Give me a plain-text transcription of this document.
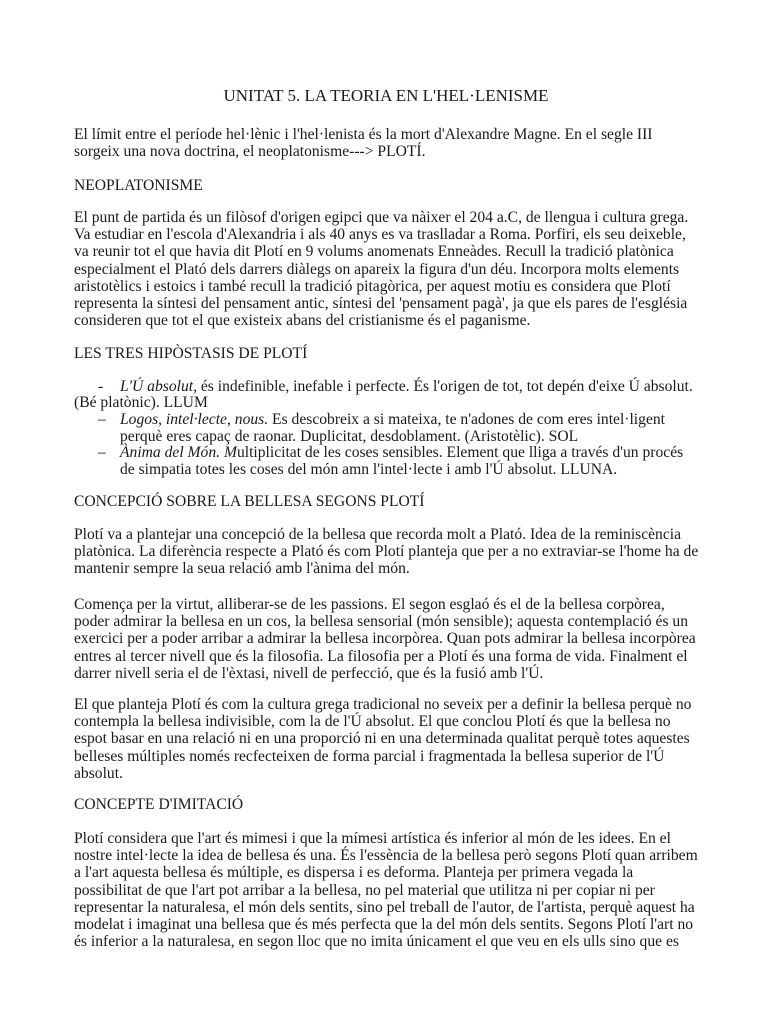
UNITAT 5. LA TEORIA EN L'HEL·LENISME
El límit entre el període hel·lènic i l'hel·lenista és la mort d'Alexandre Magne. En el segle III
sorgeix una nova doctrina, el neoplatonisme---> PLOTÍ.
NEOPLATONISME
El punt de partida és un filòsof d'origen egipci que va nàixer el 204 a.C, de llengua i cultura grega.
Va estudiar en l'escola d'Alexandria i als 40 anys es va traslladar a Roma. Porfiri, els seu deixeble,
va reunir tot el que havia dit Plotí en 9 volums anomenats Enneàdes. Recull la tradició platònica
especialment el Plató dels darrers diàlegs on apareix la figura d'un déu. Incorpora molts elements
aristotèlics i estoics i també recull la tradició pitagòrica, per aquest motiu es considera que Plotí
representa la síntesi del pensament antic, síntesi del 'pensament pagà', ja que els pares de l'església
consideren que tot el que existeix abans del cristianisme és el paganisme.
LES TRES HIPÒSTASIS DE PLOTÍ
- L'Ú absolut, és indefinible, inefable i perfecte. És l'origen de tot, tot depén d'eixe Ú absolut.
(Bé platònic). LLUM
– Logos, intel·lecte, nous. Es descobreix a si mateixa, te n'adones de com eres intel·ligent
perquè eres capaç de raonar. Duplicitat, desdoblament. (Aristotèlic). SOL
– Ànima del Món. Multiplicitat de les coses sensibles. Element que lliga a través d'un procés
de simpatia totes les coses del món amn l'intel·lecte i amb l'Ú absolut. LLUNA.
CONCEPCIÓ SOBRE LA BELLESA SEGONS PLOTÍ
Plotí va a plantejar una concepció de la bellesa que recorda molt a Plató. Idea de la reminiscència
platònica. La diferència respecte a Plató és com Plotí planteja que per a no extraviar-se l'home ha de
mantenir sempre la seua relació amb l'ànima del món.
Comença per la virtut, alliberar-se de les passions. El segon esglaó és el de la bellesa corpòrea,
poder admirar la bellesa en un cos, la bellesa sensorial (món sensible); aquesta contemplació és un
exercici per a poder arribar a admirar la bellesa incorpòrea. Quan pots admirar la bellesa incorpòrea
entres al tercer nivell que és la filosofia. La filosofia per a Plotí és una forma de vida. Finalment el
darrer nivell seria el de l'èxtasi, nivell de perfecció, que és la fusió amb l'Ú.
El que planteja Plotí és com la cultura grega tradicional no seveix per a definir la bellesa perquè no
contempla la bellesa indivisible, com la de l'Ú absolut. El que conclou Plotí és que la bellesa no
espot basar en una relació ni en una proporció ni en una determinada qualitat perquè totes aquestes
belleses múltiples només recfecteixen de forma parcial i fragmentada la bellesa superior de l'Ú
absolut.
CONCEPTE D'IMITACIÓ
Plotí considera que l'art és mimesi i que la mímesi artística és inferior al món de les idees. En el
nostre intel·lecte la idea de bellesa és una. És l'essència de la bellesa però segons Plotí quan arribem
a l'art aquesta bellesa és múltiple, es dispersa i es deforma. Planteja per primera vegada la
possibilitat de que l'art pot arribar a la bellesa, no pel material que utilitza ni per copiar ni per
representar la naturalesa, el món dels sentits, sino pel treball de l'autor, de l'artista, perquè aquest ha
modelat i imaginat una bellesa que és més perfecta que la del món dels sentits. Segons Plotí l'art no
és inferior a la naturalesa, en segon lloc que no imita únicament el que veu en els ulls sino que es
